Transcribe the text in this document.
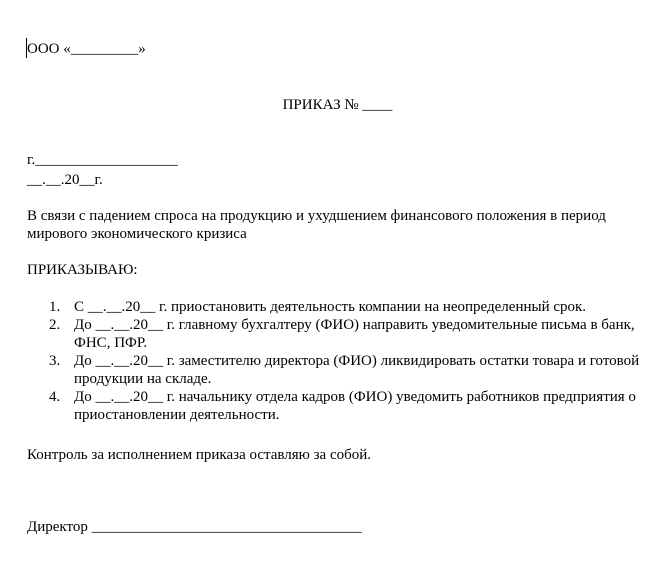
ООО «_________»
ПРИКАЗ № ____
г.___________________
__.__.20__г.
В связи с падением спроса на продукцию и ухудшением финансового положения в период мирового экономического кризиса
ПРИКАЗЫВАЮ:
1. С __.__.20__ г. приостановить деятельность компании на неопределенный срок.
2. До __.__.20__ г. главному бухгалтеру (ФИО) направить уведомительные письма в банк, ФНС, ПФР.
3. До __.__.20__ г. заместителю директора (ФИО) ликвидировать остатки товара и готовой продукции на складе.
4. До __.__.20__ г. начальнику отдела кадров (ФИО) уведомить работников предприятия о приостановлении деятельности.
Контроль за исполнением приказа оставляю за собой.
Директор ____________________________________
